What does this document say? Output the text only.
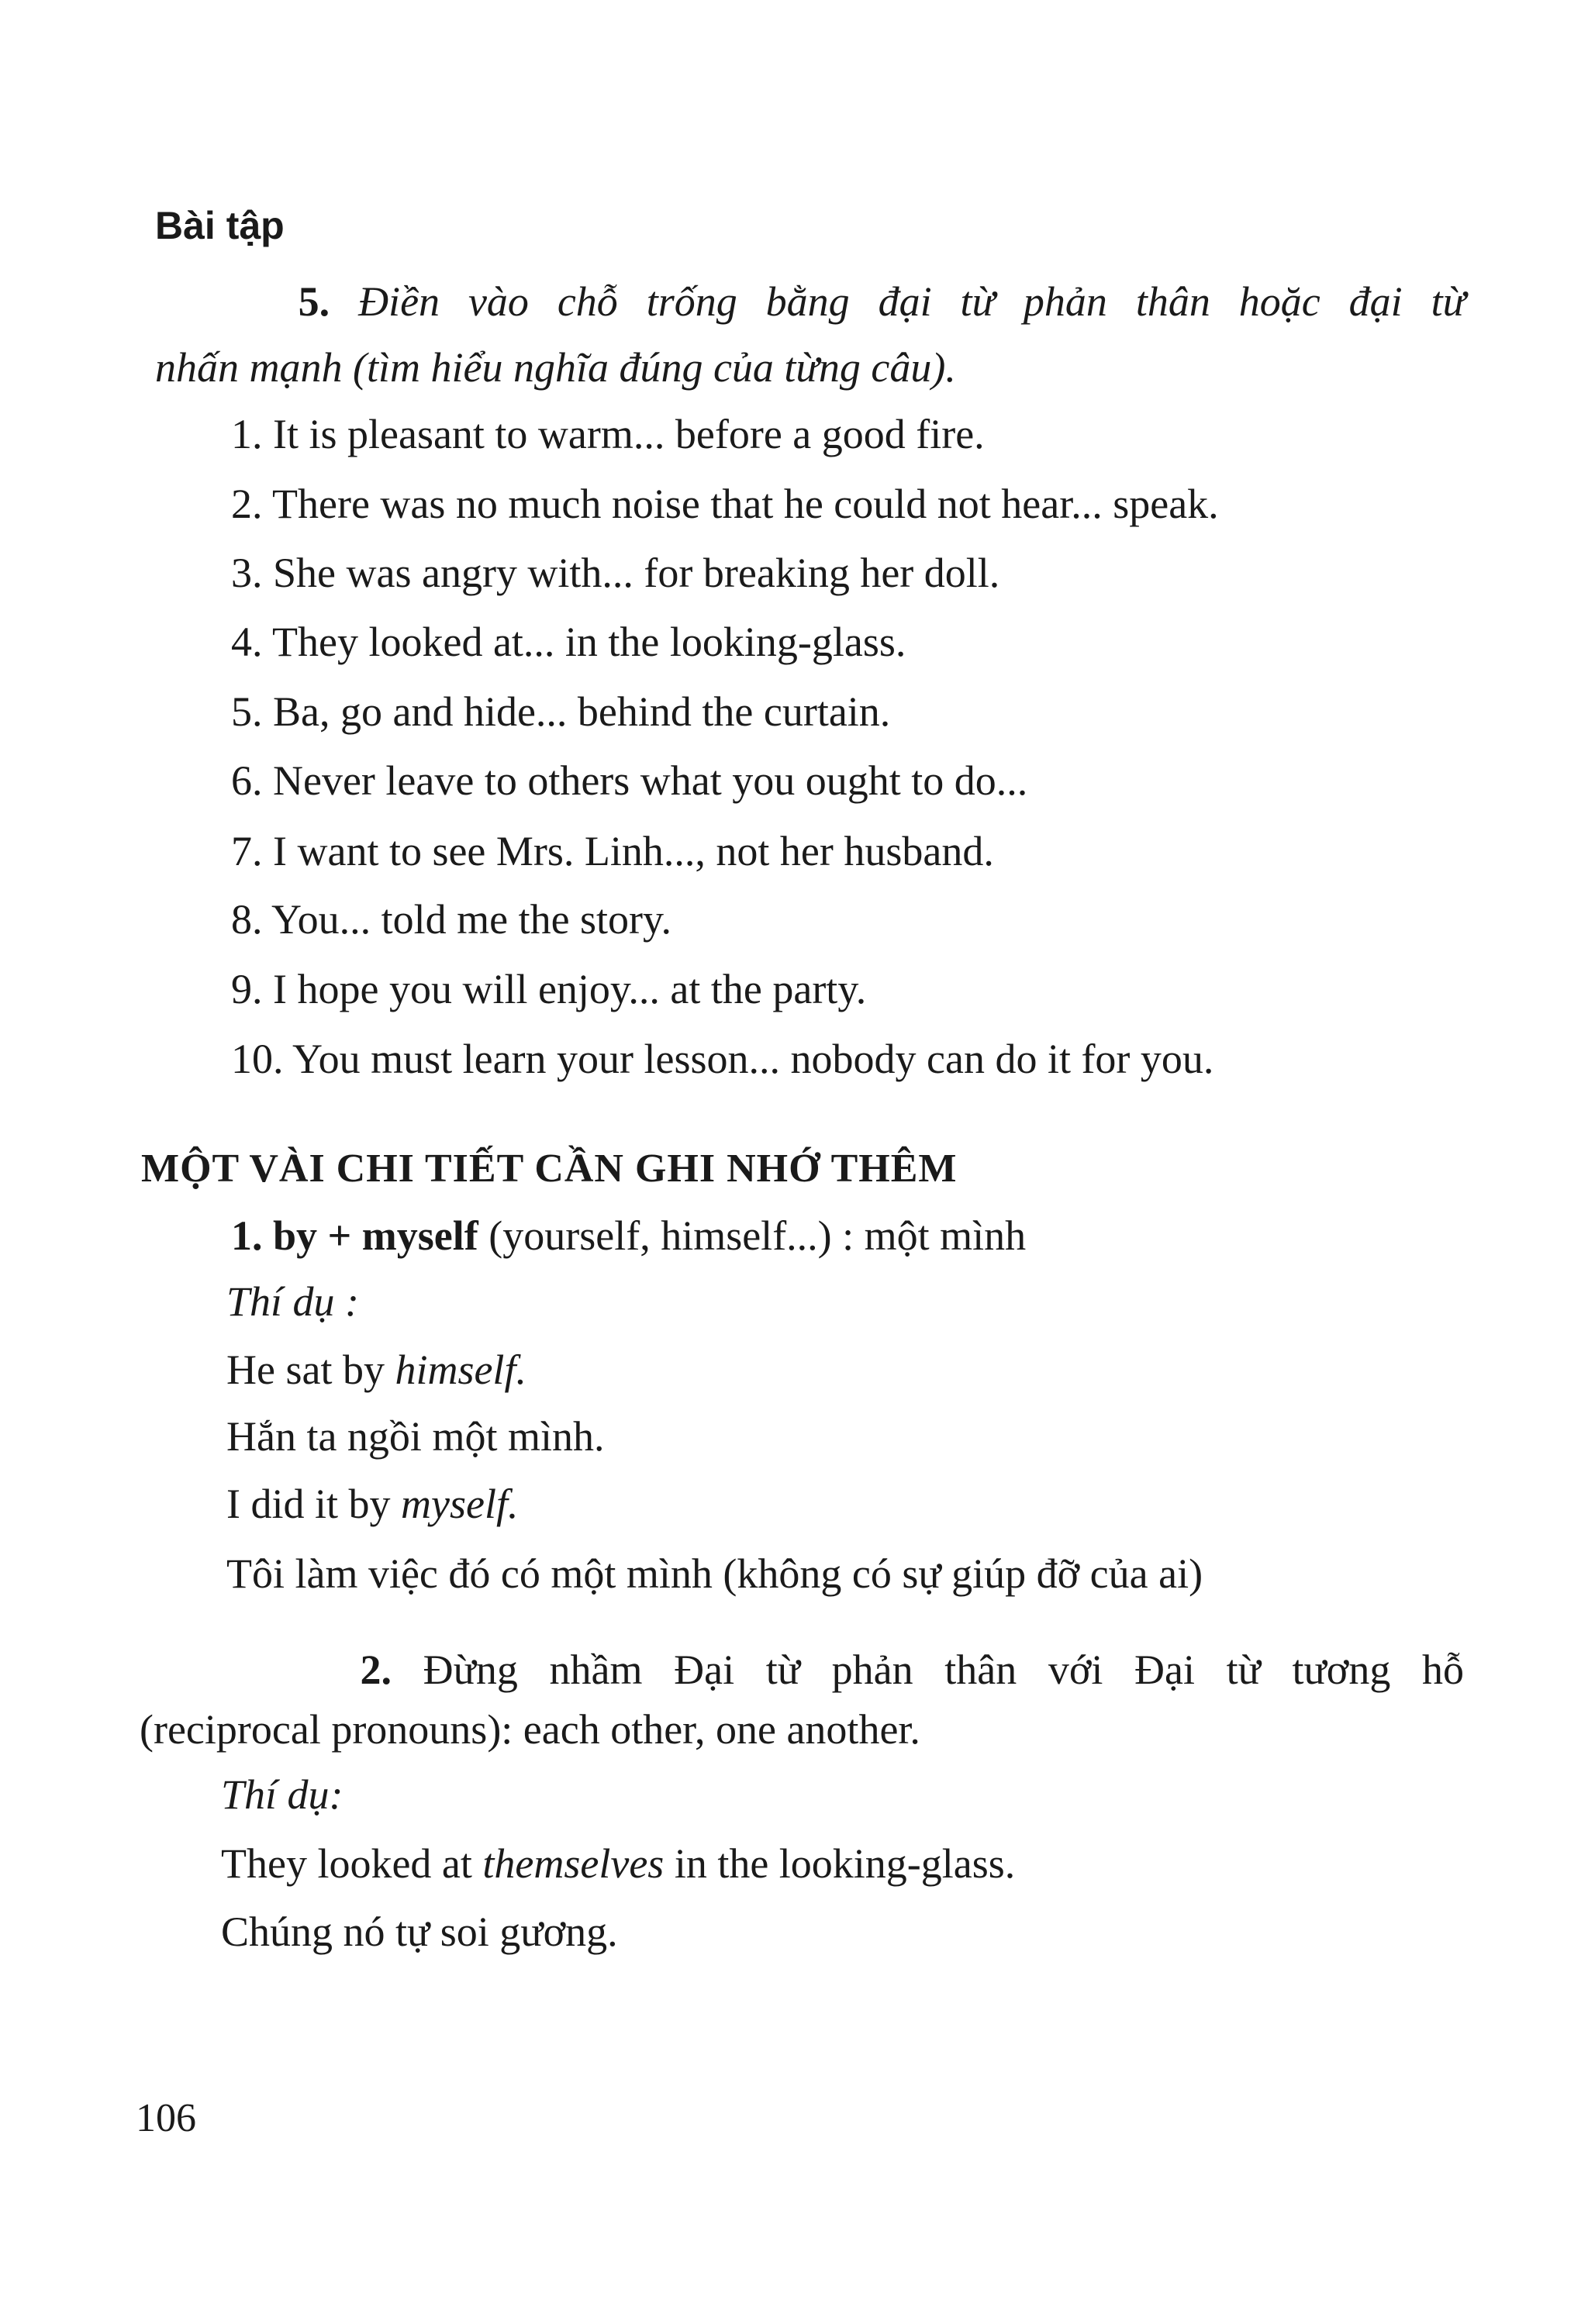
Bài tập
5. Điền vào chỗ trống bằng đại từ phản thân hoặc đại từ
nhấn mạnh (tìm hiểu nghĩa đúng của từng câu).
1. It is pleasant to warm... before a good fire.
2. There was no much noise that he could not hear... speak.
3. She was angry with... for breaking her doll.
4. They looked at... in the looking-glass.
5. Ba, go and hide... behind the curtain.
6. Never leave to others what you ought to do...
7. I want to see Mrs. Linh..., not her husband.
8. You... told me the story.
9. I hope you will enjoy... at the party.
10. You must learn your lesson... nobody can do it for you.
MỘT VÀI CHI TIẾT CẦN GHI NHỚ THÊM
1. by + myself (yourself, himself...) : một mình
Thí dụ :
He sat by himself.
Hắn ta ngồi một mình.
I did it by myself.
Tôi làm việc đó có một mình (không có sự giúp đỡ của ai)
2. Đừng nhầm Đại từ phản thân với Đại từ tương hỗ
(reciprocal pronouns): each other, one another.
Thí dụ:
They looked at themselves in the looking-glass.
Chúng nó tự soi gương.
106
